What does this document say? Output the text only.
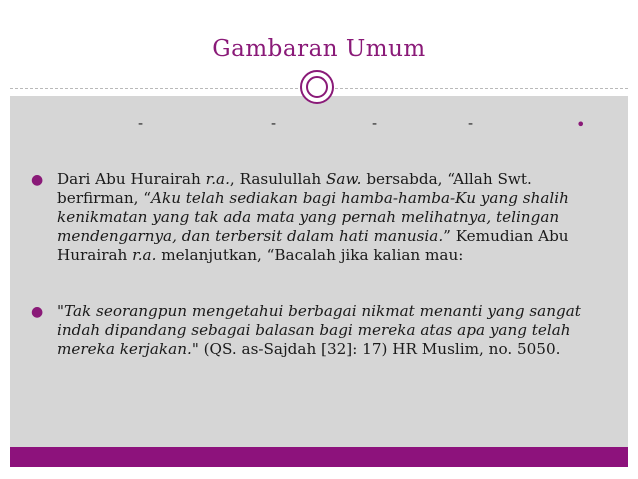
Gambaran Umum
-	-	-	-	•
● Dari Abu Hurairah r.a., Rasulullah Saw. bersabda, “Allah Swt. berfirman, “Aku telah sediakan bagi hamba-hamba-Ku yang shalih kenikmatan yang tak ada mata yang pernah melihatnya, telingan mendengarnya, dan terbersit dalam hati manusia.” Kemudian Abu Hurairah r.a. melanjutkan, “Bacalah jika kalian mau:
● "Tak seorangpun mengetahui berbagai nikmat menanti yang sangat indah dipandang sebagai balasan bagi mereka atas apa yang telah mereka kerjakan." (QS. as-Sajdah [32]: 17) HR Muslim, no. 5050.
